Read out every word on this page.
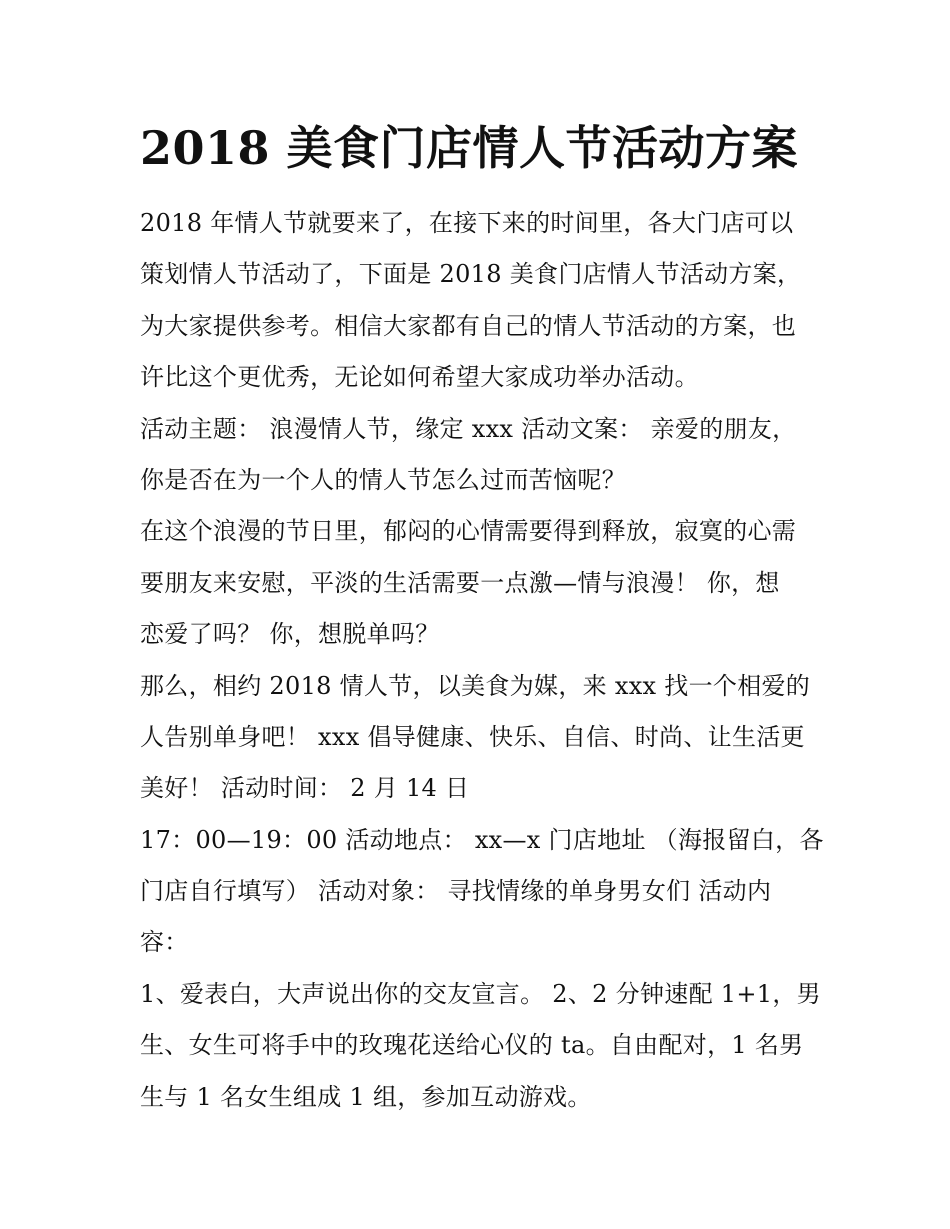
2018 美食门店情人节活动方案
2018 年情人节就要来了，在接下来的时间里，各大门店可以
策划情人节活动了，下面是 2018 美食门店情人节活动方案，
为大家提供参考。相信大家都有自己的情人节活动的方案，也
许比这个更优秀，无论如何希望大家成功举办活动。
活动主题： 浪漫情人节，缘定 xxx 活动文案： 亲爱的朋友，
你是否在为一个人的情人节怎么过而苦恼呢？
在这个浪漫的节日里，郁闷的心情需要得到释放，寂寞的心需
要朋友来安慰，平淡的生活需要一点激—情与浪漫！ 你，想
恋爱了吗？ 你，想脱单吗？
那么，相约 2018 情人节，以美食为媒，来 xxx 找一个相爱的
人告别单身吧！ xxx 倡导健康、快乐、自信、时尚、让生活更
美好！ 活动时间： 2 月 14 日
17：00—19：00 活动地点： xx—x 门店地址 （海报留白，各
门店自行填写） 活动对象： 寻找情缘的单身男女们 活动内
容：
1、爱表白，大声说出你的交友宣言。 2、2 分钟速配 1+1，男
生、女生可将手中的玫瑰花送给心仪的 ta。自由配对，1 名男
生与 1 名女生组成 1 组，参加互动游戏。
